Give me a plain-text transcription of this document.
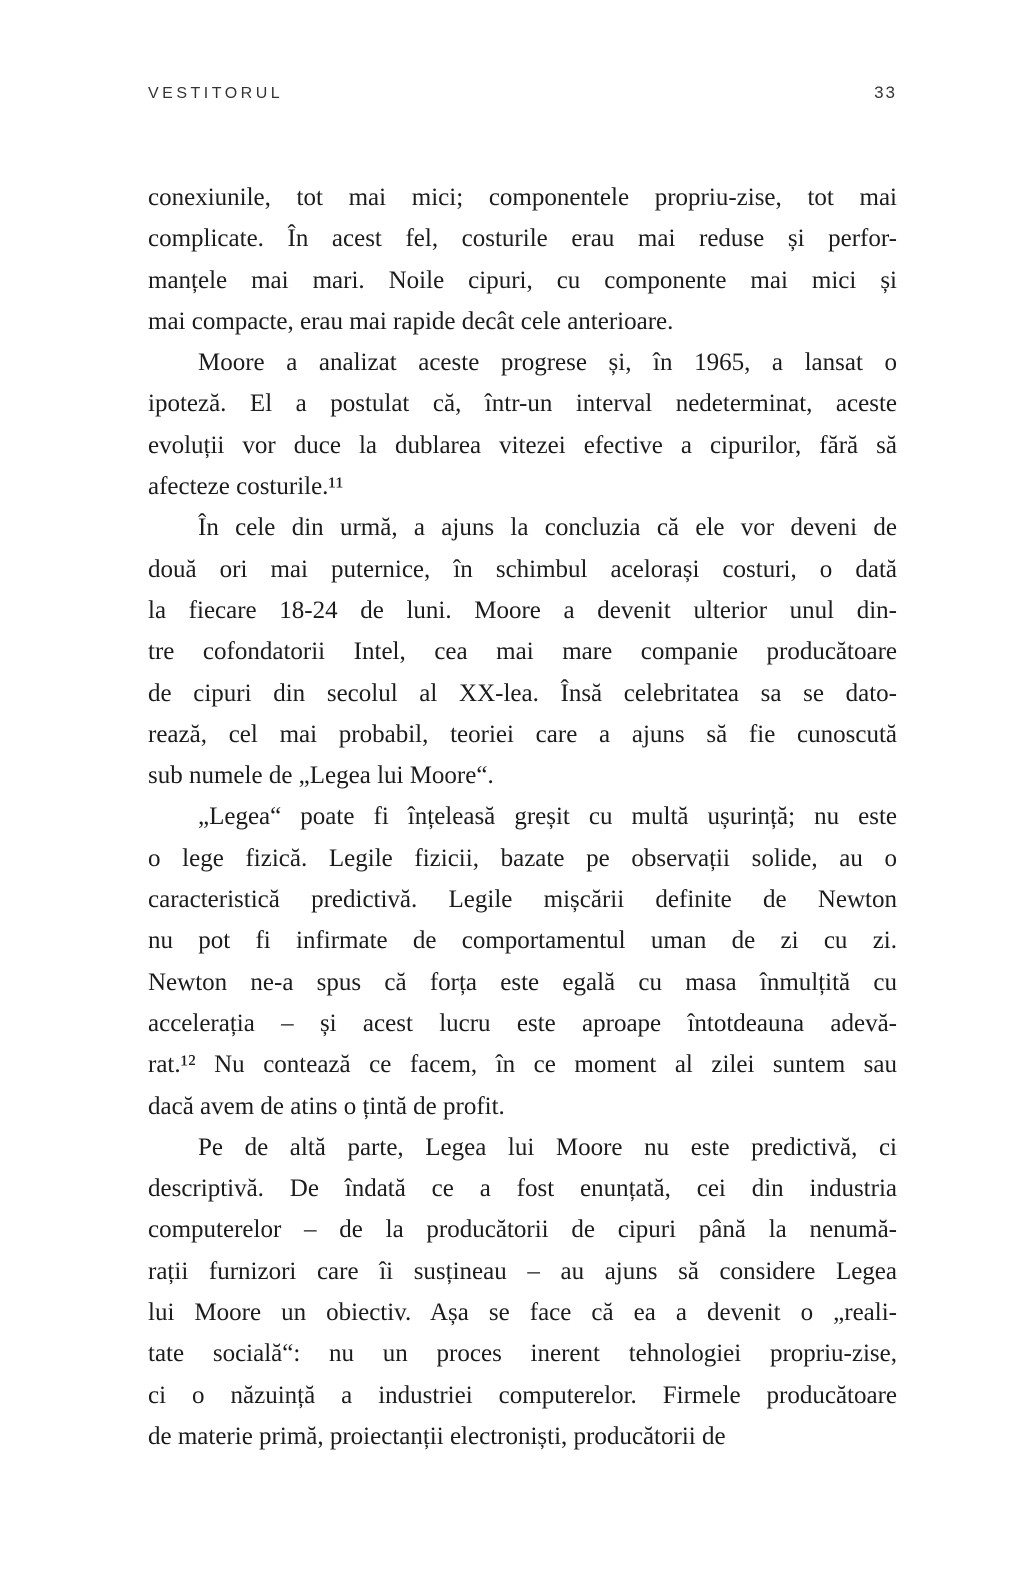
VESTITORUL	33

conexiunile, tot mai mici; componentele propriu-zise, tot mai
complicate. În acest fel, costurile erau mai reduse și perfor-
manțele mai mari. Noile cipuri, cu componente mai mici și
mai compacte, erau mai rapide decât cele anterioare.

Moore a analizat aceste progrese și, în 1965, a lansat o
ipoteză. El a postulat că, într-un interval nedeterminat, aceste
evoluții vor duce la dublarea vitezei efective a cipurilor, fără să
afecteze costurile.¹¹

În cele din urmă, a ajuns la concluzia că ele vor deveni de
două ori mai puternice, în schimbul acelorași costuri, o dată
la fiecare 18-24 de luni. Moore a devenit ulterior unul din-
tre cofondatorii Intel, cea mai mare companie producătoare
de cipuri din secolul al XX-lea. Însă celebritatea sa se dato-
rează, cel mai probabil, teoriei care a ajuns să fie cunoscută
sub numele de „Legea lui Moore“.

„Legea“ poate fi înțeleasă greșit cu multă ușurință; nu este
o lege fizică. Legile fizicii, bazate pe observații solide, au o
caracteristică predictivă. Legile mișcării definite de Newton
nu pot fi infirmate de comportamentul uman de zi cu zi.
Newton ne-a spus că forța este egală cu masa înmulțită cu
accelerația – și acest lucru este aproape întotdeauna adevă-
rat.¹² Nu contează ce facem, în ce moment al zilei suntem sau
dacă avem de atins o țintă de profit.

Pe de altă parte, Legea lui Moore nu este predictivă, ci
descriptivă. De îndată ce a fost enunțată, cei din industria
computerelor – de la producătorii de cipuri până la nenumă-
rații furnizori care îi susțineau – au ajuns să considere Legea
lui Moore un obiectiv. Așa se face că ea a devenit o „reali-
tate socială“: nu un proces inerent tehnologiei propriu-zise,
ci o năzuință a industriei computerelor. Firmele producătoare
de materie primă, proiectanții electroniști, producătorii de
